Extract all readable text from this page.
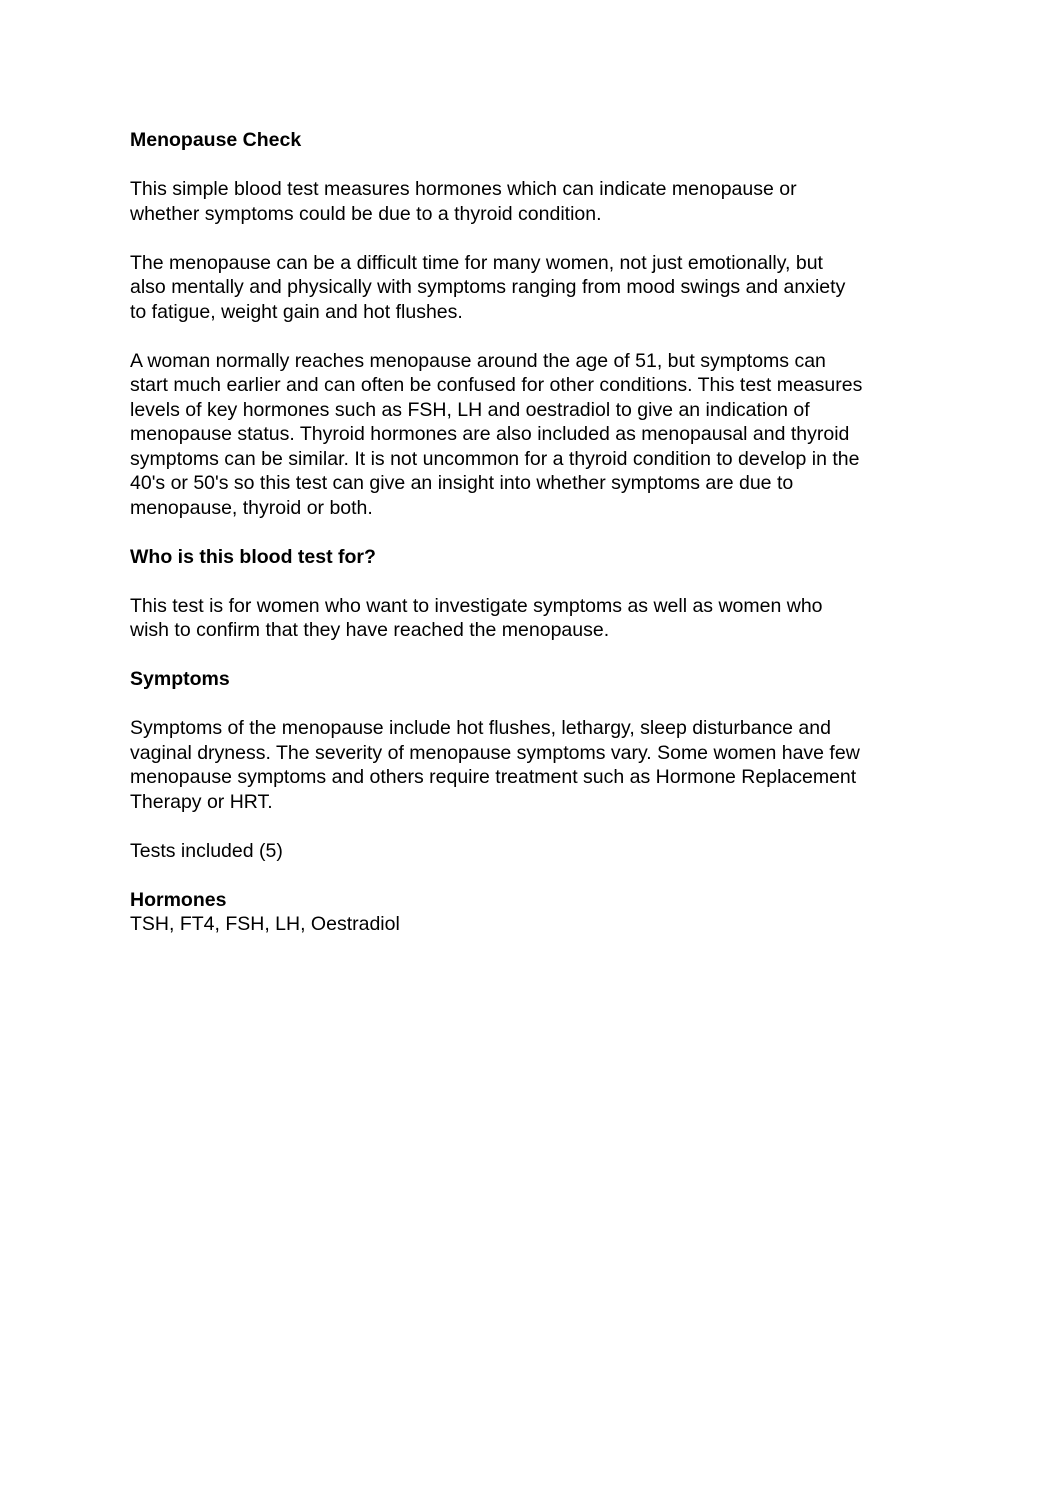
Menopause Check

This simple blood test measures hormones which can indicate menopause or
whether symptoms could be due to a thyroid condition.

The menopause can be a difficult time for many women, not just emotionally, but
also mentally and physically with symptoms ranging from mood swings and anxiety
to fatigue, weight gain and hot flushes.

A woman normally reaches menopause around the age of 51, but symptoms can
start much earlier and can often be confused for other conditions. This test measures
levels of key hormones such as FSH, LH and oestradiol to give an indication of
menopause status. Thyroid hormones are also included as menopausal and thyroid
symptoms can be similar. It is not uncommon for a thyroid condition to develop in the
40's or 50's so this test can give an insight into whether symptoms are due to
menopause, thyroid or both.

Who is this blood test for?

This test is for women who want to investigate symptoms as well as women who
wish to confirm that they have reached the menopause.

Symptoms

Symptoms of the menopause include hot flushes, lethargy, sleep disturbance and
vaginal dryness. The severity of menopause symptoms vary. Some women have few
menopause symptoms and others require treatment such as Hormone Replacement
Therapy or HRT.

Tests included (5)

Hormones

TSH, FT4, FSH, LH, Oestradiol
